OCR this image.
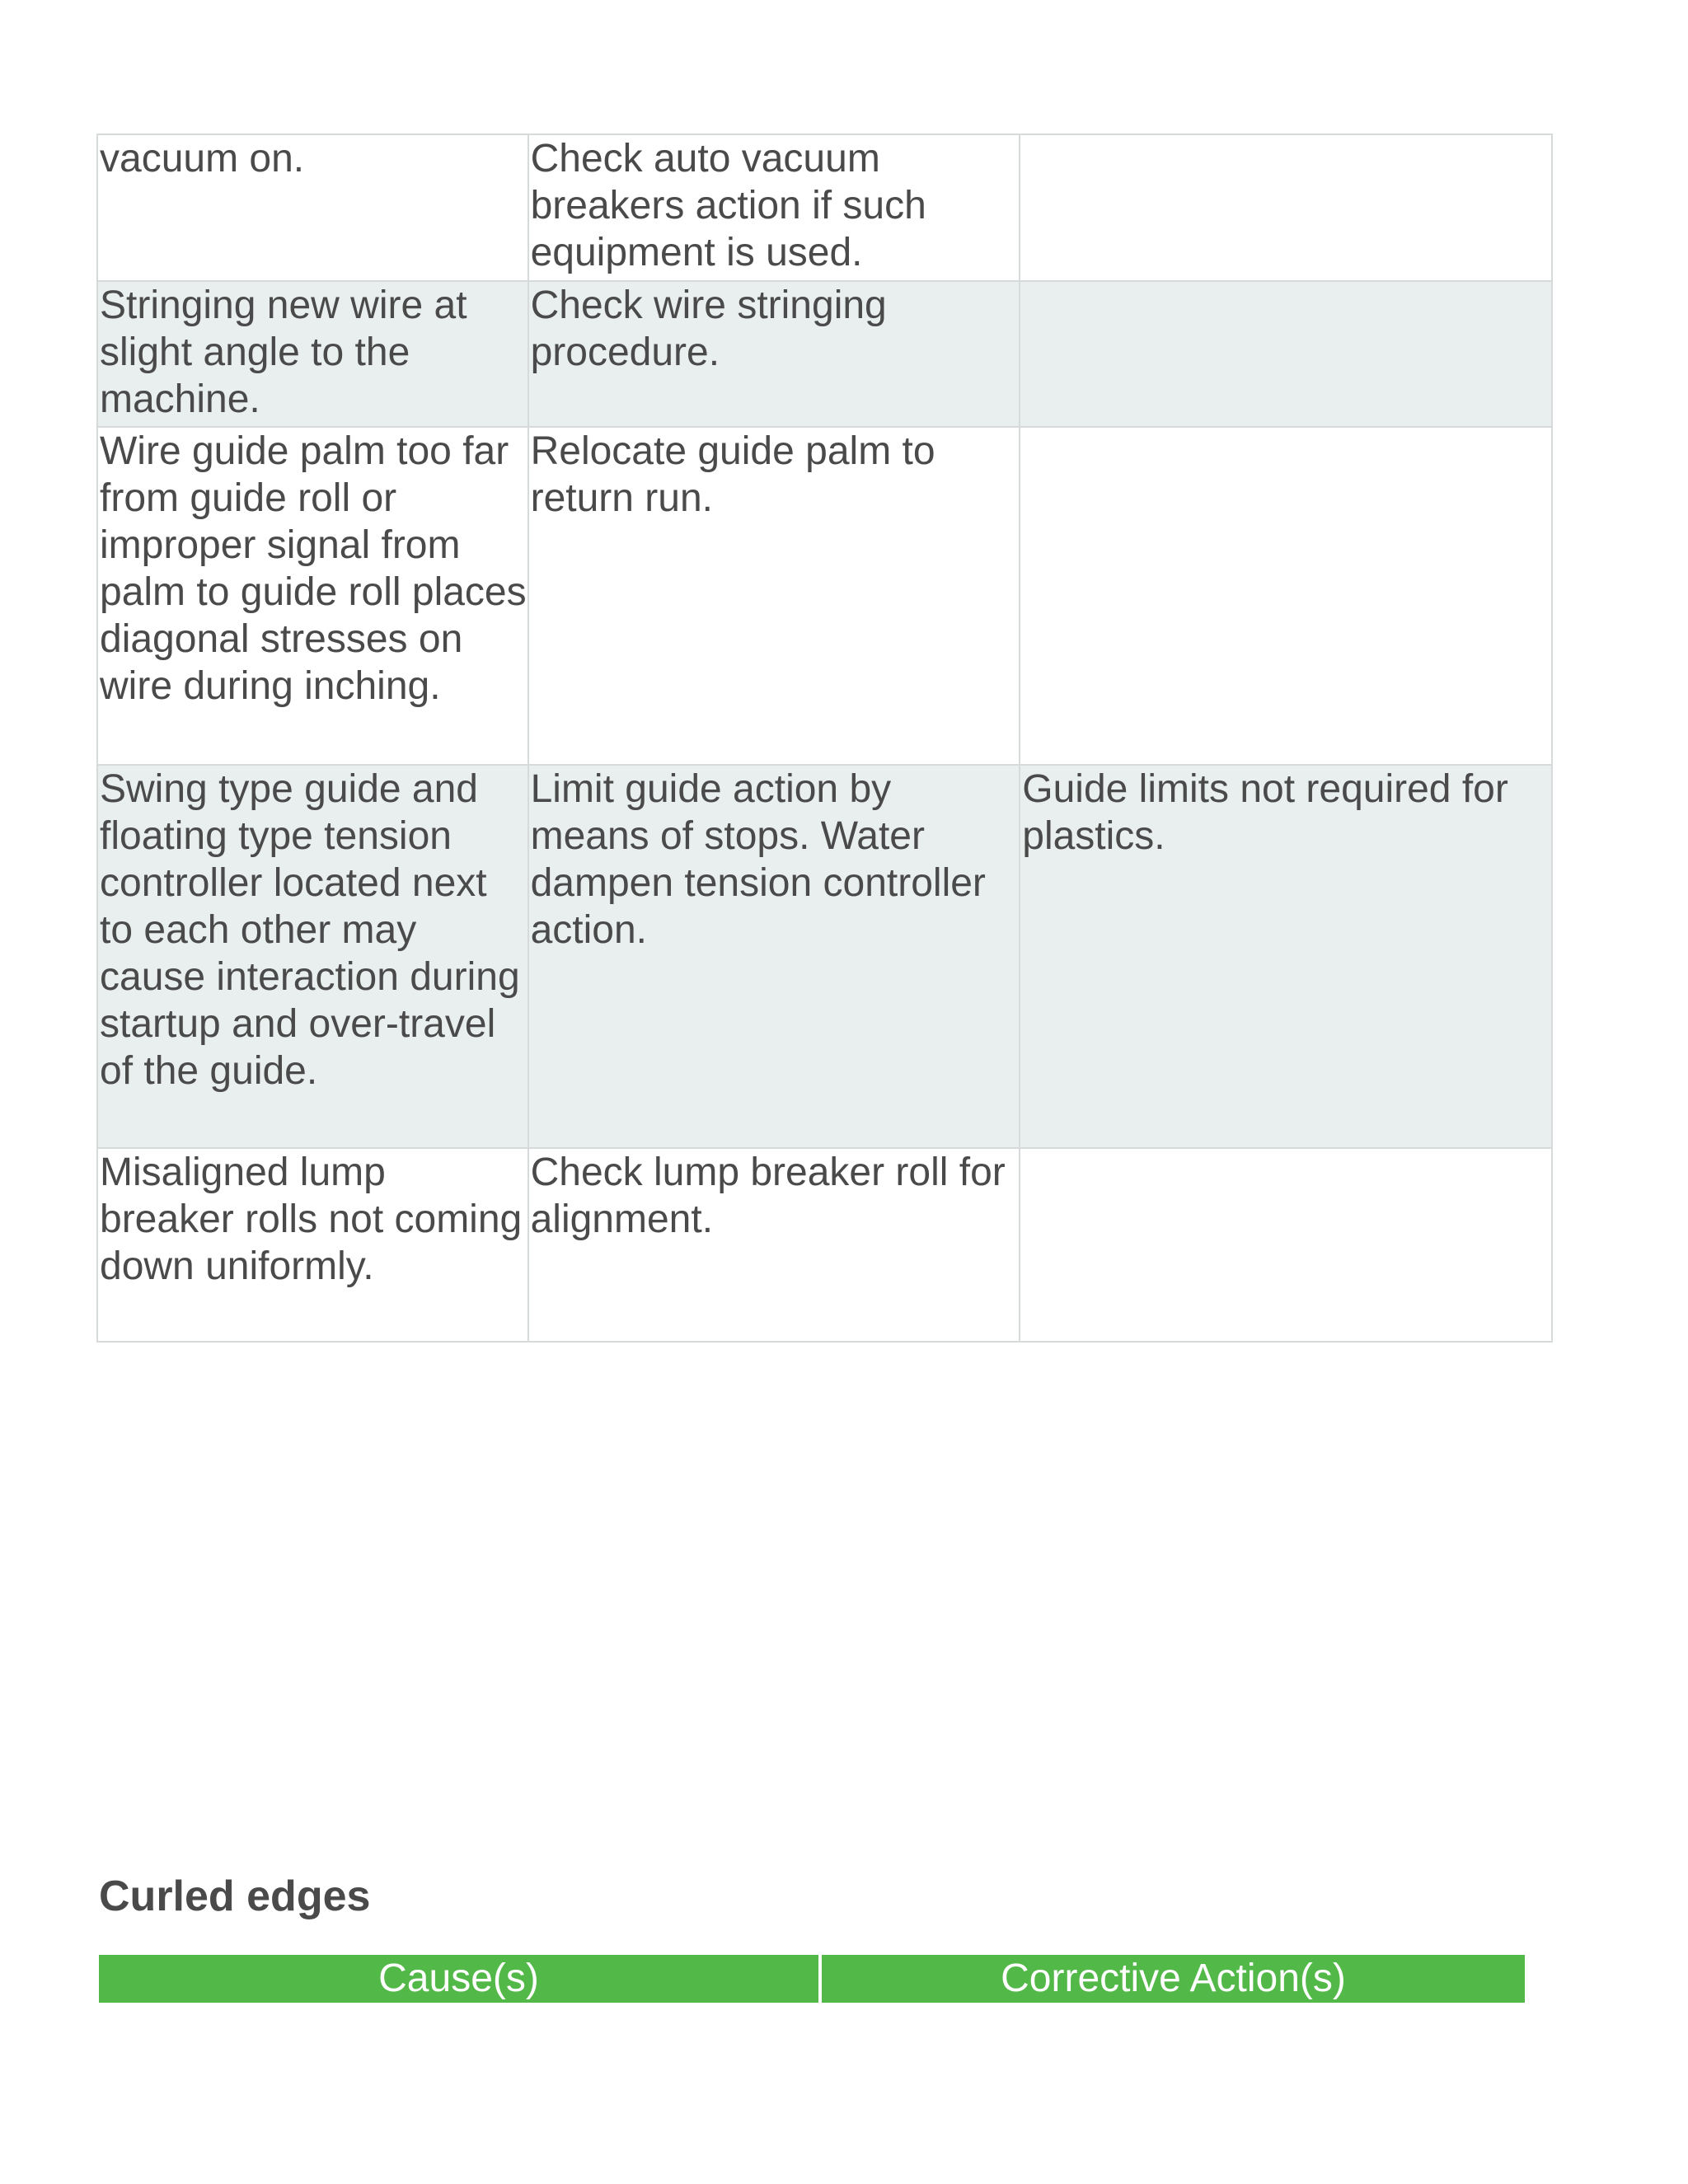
vacuum on.	Check auto vacuum breakers action if such equipment is used.	
Stringing new wire at slight angle to the machine.	Check wire stringing procedure.	
Wire guide palm too far from guide roll or improper signal from palm to guide roll places diagonal stresses on wire during inching.	Relocate guide palm to return run.	
Swing type guide and floating type tension controller located next to each other may cause interaction during startup and over-travel of the guide.	Limit guide action by means of stops. Water dampen tension controller action.	Guide limits not required for plastics.
Misaligned lump breaker rolls not coming down uniformly.	Check lump breaker roll for alignment.	
Curled edges
Cause(s)	Corrective Action(s)
